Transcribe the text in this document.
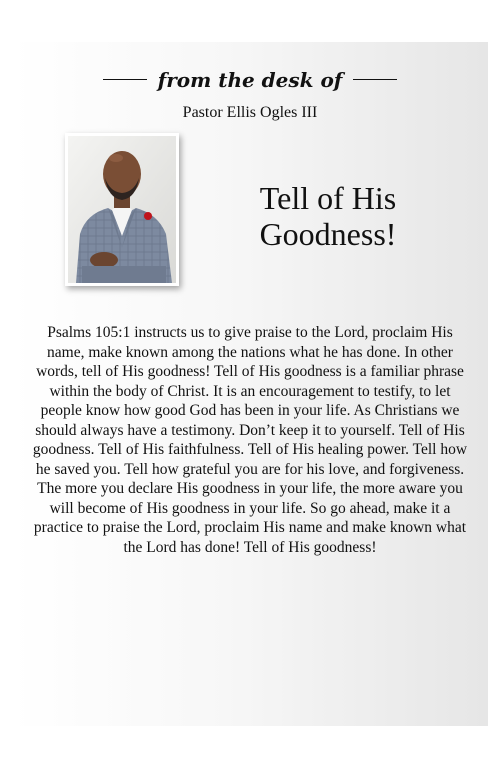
from the desk of
Pastor Ellis Ogles III
Tell of His Goodness!
Psalms 105:1 instructs us to give praise to the Lord, proclaim His name, make known among the nations what he has done. In other words, tell of His goodness! Tell of His goodness is a familiar phrase within the body of Christ. It is an encouragement to testify, to let people know how good God has been in your life. As Christians we should always have a testimony. Don’t keep it to yourself. Tell of His goodness. Tell of His faithfulness. Tell of His healing power. Tell how he saved you. Tell how grateful you are for his love, and forgiveness. The more you declare His goodness in your life, the more aware you will become of His goodness in your life. So go ahead, make it a practice to praise the Lord, proclaim His name and make known what the Lord has done! Tell of His goodness!
